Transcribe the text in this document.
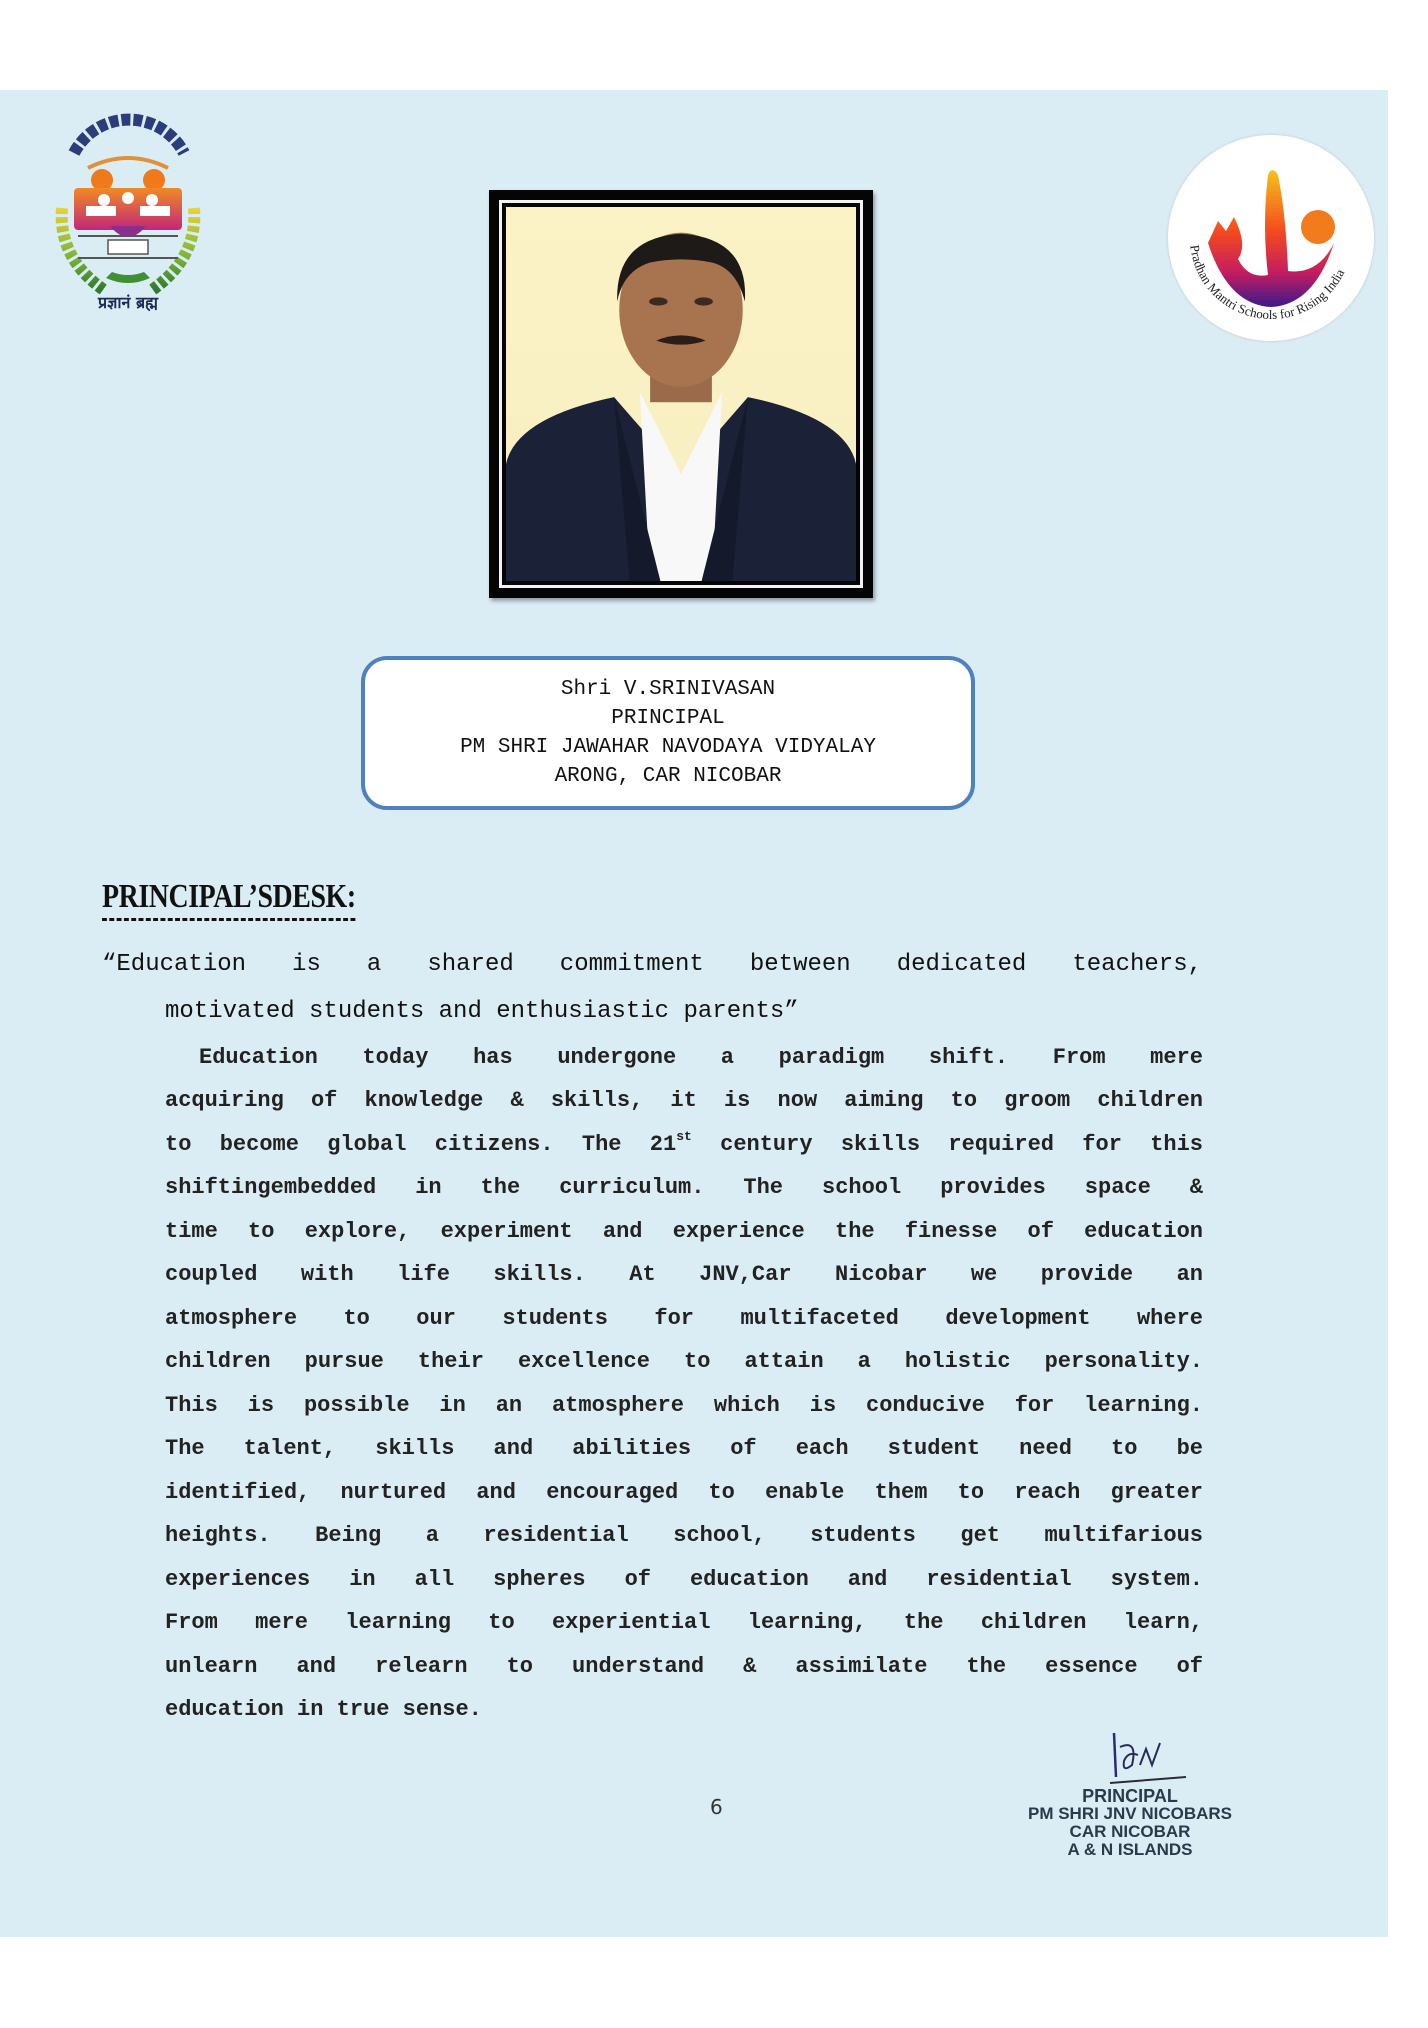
प्रज्ञानं ब्रह्म
Pradhan Mantri Schools for Rising India
Shri V.SRINIVASAN
PRINCIPAL
PM SHRI JAWAHAR NAVODAYA VIDYALAY
ARONG, CAR NICOBAR
PRINCIPAL’SDESK:
“Education is a shared commitment between dedicated teachers,
motivated students and enthusiastic parents”
Education today has undergone a paradigm shift. From mere
acquiring of knowledge & skills, it is now aiming to groom children
to become global citizens. The 21st century skills required for this
shiftingembedded in the curriculum. The school provides space &
time to explore, experiment and experience the finesse of education
coupled with life skills. At JNV,Car Nicobar we provide an
atmosphere to our students for multifaceted development where
children pursue their excellence to attain a holistic personality.
This is possible in an atmosphere which is conducive for learning.
The talent, skills and abilities of each student need to be
identified, nurtured and encouraged to enable them to reach greater
heights. Being a residential school, students get multifarious
experiences in all spheres of education and residential system.
From mere learning to experiential learning, the children learn,
unlearn and relearn to understand & assimilate the essence of
education in true sense.
6	PRINCIPAL
PM SHRI JNV NICOBARS
CAR NICOBAR
A & N ISLANDS
